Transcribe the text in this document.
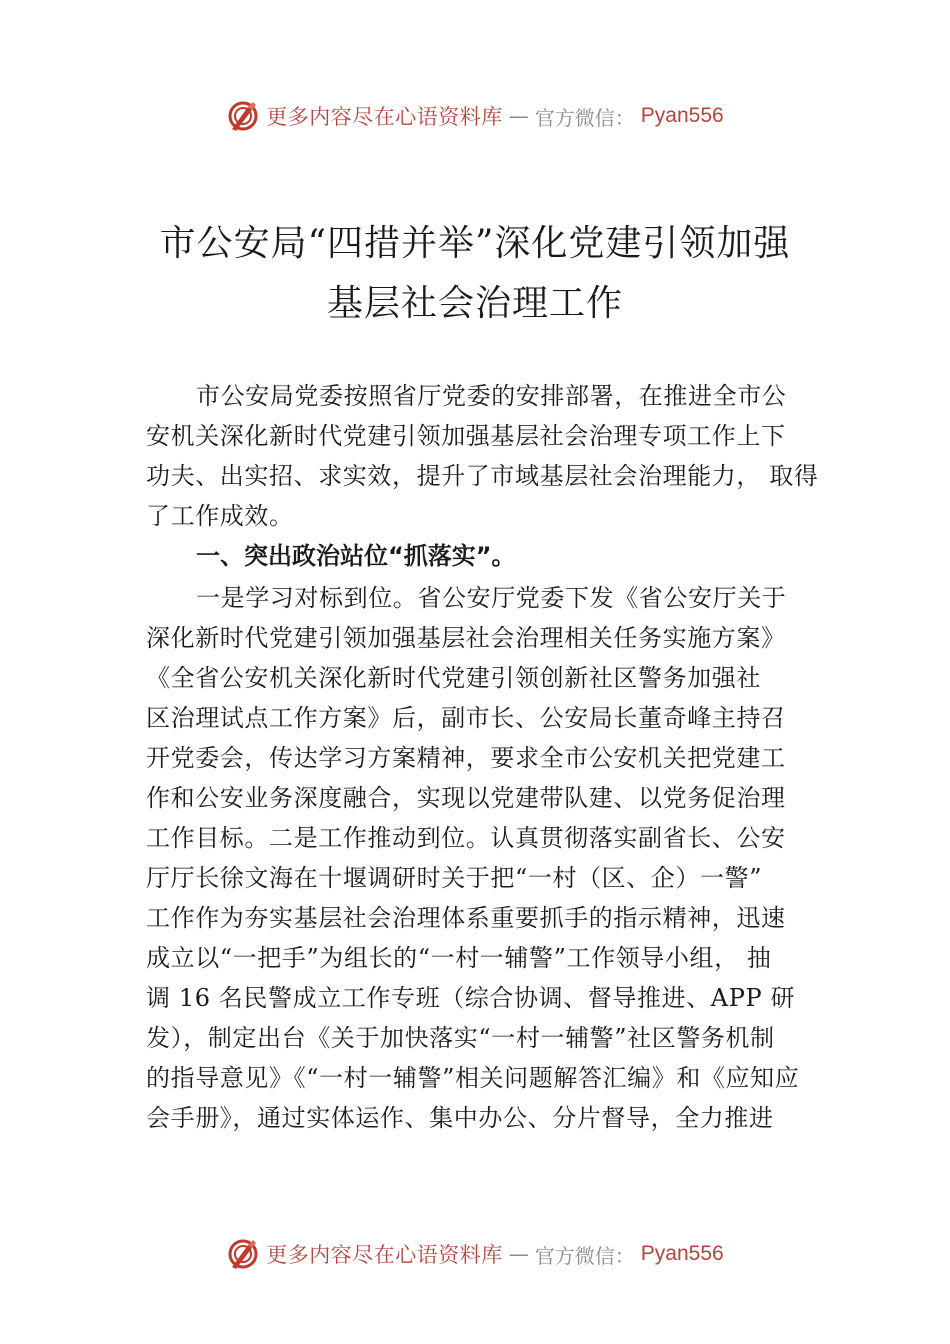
更多内容尽在心语资料库 — 官方微信： Pyan556
市公安局“四措并举”深化党建引领加强
基层社会治理工作
市公安局党委按照省厅党委的安排部署，在推进全市公
安机关深化新时代党建引领加强基层社会治理专项工作上下
功夫、出实招、求实效，提升了市域基层社会治理能力， 取得
了工作成效。
一、突出政治站位“抓落实”。
一是学习对标到位。省公安厅党委下发《省公安厅关于
深化新时代党建引领加强基层社会治理相关任务实施方案》
《全省公安机关深化新时代党建引领创新社区警务加强社
区治理试点工作方案》后，副市长、公安局长董奇峰主持召
开党委会，传达学习方案精神，要求全市公安机关把党建工
作和公安业务深度融合，实现以党建带队建、以党务促治理
工作目标。二是工作推动到位。认真贯彻落实副省长、公安
厅厅长徐文海在十堰调研时关于把“一村（区、企）一警”
工作作为夯实基层社会治理体系重要抓手的指示精神，迅速
成立以“一把手”为组长的“一村一辅警”工作领导小组， 抽
调 16 名民警成立工作专班（综合协调、督导推进、APP 研
发），制定出台《关于加快落实“一村一辅警”社区警务机制
的指导意见》《“一村一辅警”相关问题解答汇编》和《应知应
会手册》，通过实体运作、集中办公、分片督导，全力推进
更多内容尽在心语资料库 — 官方微信： Pyan556
